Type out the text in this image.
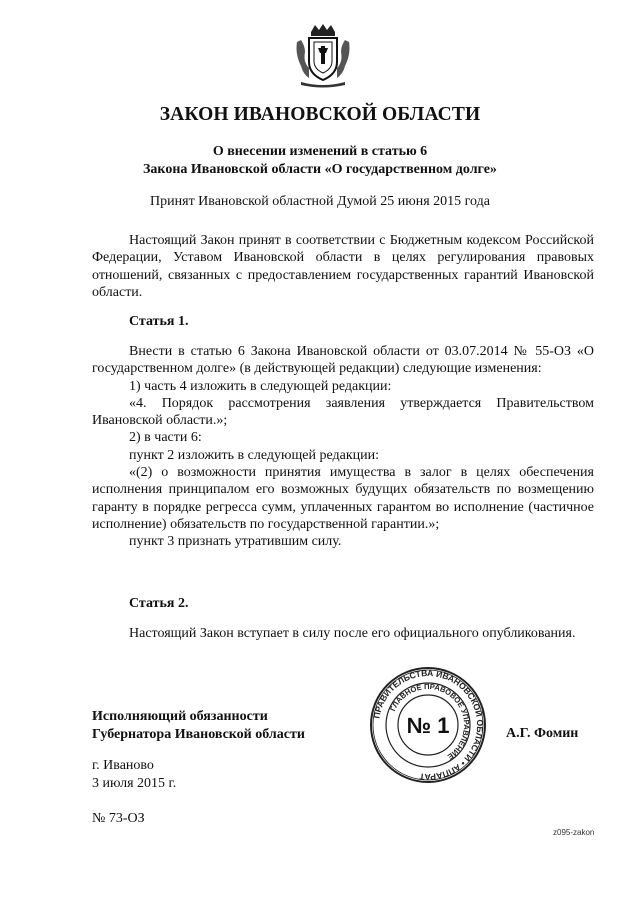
ЗАКОН ИВАНОВСКОЙ ОБЛАСТИ
О внесении изменений в статью 6
Закона Ивановской области «О государственном долге»
Принят Ивановской областной Думой 25 июня 2015 года

Настоящий Закон принят в соответствии с Бюджетным кодексом Российской Федерации, Уставом Ивановской области в целях регулирования правовых отношений, связанных с предоставлением государственных гарантий Ивановской области.

Статья 1.

Внести в статью 6 Закона Ивановской области от 03.07.2014 № 55-ОЗ «О государственном долге» (в действующей редакции) следующие изменения:

1) часть 4 изложить в следующей редакции:

«4. Порядок рассмотрения заявления утверждается Правительством Ивановской области.»;

2) в части 6:

пункт 2 изложить в следующей редакции:

«(2) о возможности принятия имущества в залог в целях обеспечения исполнения принципалом его возможных будущих обязательств по возмещению гаранту в порядке регресса сумм, уплаченных гарантом во исполнение (частичное исполнение) обязательств по государственной гарантии.»;

пункт 3 признать утратившим силу.

Статья 2.

Настоящий Закон вступает в силу после его официального опубликования.

Исполняющий обязанности
Губернатора Ивановской области	А.Г. Фомин
ПРАВИТЕЛЬСТВА ИВАНОВСКОЙ ОБЛАСТИ • АППАРАТ
ГЛАВНОЕ ПРАВОВОЕ УПРАВЛЕНИЕ
№ 1
г. Иваново
3 июля 2015 г.
№ 73-ОЗ
z095-zakon
